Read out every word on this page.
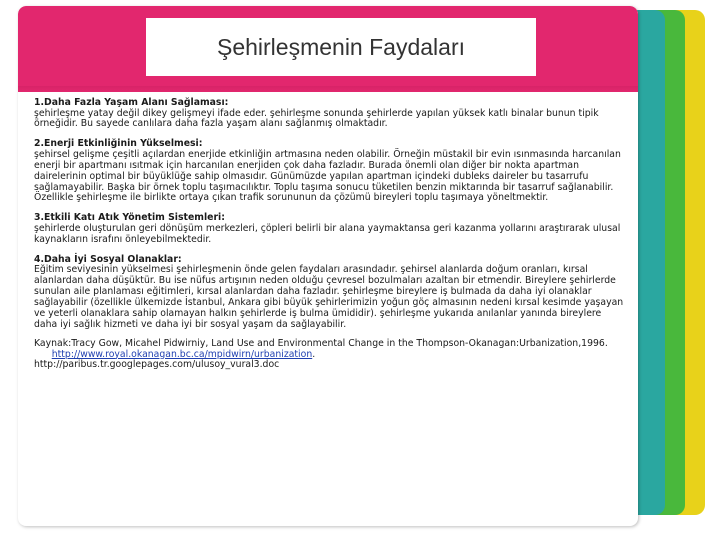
Şehirleşmenin Faydaları
1.Daha Fazla Yaşam Alanı Sağlaması:

şehirleşme yatay değil dikey gelişmeyi ifade eder. şehirleşme sonunda şehirlerde yapılan yüksek katlı binalar bunun tipik örneğidir. Bu sayede canlılara daha fazla yaşam alanı sağlanmış olmaktadır.

2.Enerji Etkinliğinin Yükselmesi:

şehirsel gelişme çeşitli açılardan enerjide etkinliğin artmasına neden olabilir. Örneğin müstakil bir evin ısınmasında harcanılan enerji bir apartmanı ısıtmak için harcanılan enerjiden çok daha fazladır. Burada önemli olan diğer bir nokta apartman dairelerinin optimal bir büyüklüğe sahip olmasıdır. Günümüzde yapılan apartman içindeki dubleks daireler bu tasarrufu sağlamayabilir. Başka bir örnek toplu taşımacılıktır. Toplu taşıma sonucu tüketilen benzin miktarında bir tasarruf sağlanabilir. Özellikle şehirleşme ile birlikte ortaya çıkan trafik sorununun da çözümü bireyleri toplu taşımaya yöneltmektir.

3.Etkili Katı Atık Yönetim Sistemleri:

şehirlerde oluşturulan geri dönüşüm merkezleri, çöpleri belirli bir alana yaymaktansa geri kazanma yollarını araştırarak ulusal kaynakların israfını önleyebilmektedir.

4.Daha İyi Sosyal Olanaklar:

Eğitim seviyesinin yükselmesi şehirleşmenin önde gelen faydaları arasındadır. şehirsel alanlarda doğum oranları, kırsal alanlardan daha düşüktür. Bu ise nüfus artışının neden olduğu çevresel bozulmaları azaltan bir etmendir. Bireylere şehirlerde sunulan aile planlaması eğitimleri, kırsal alanlardan daha fazladır. şehirleşme bireylere iş bulmada da daha iyi olanaklar sağlayabilir (özellikle ülkemizde İstanbul, Ankara gibi büyük şehirlerimizin yoğun göç almasının nedeni kırsal kesimde yaşayan ve yeterli olanaklara sahip olamayan halkın şehirlerde iş bulma ümididir). şehirleşme yukarıda anılanlar yanında bireylere daha iyi sağlık hizmeti ve daha iyi bir sosyal yaşam da sağlayabilir.

Kaynak:Tracy Gow, Micahel Pidwirniy, Land Use and Environmental Change in the Thompson-Okanagan:Urbanization,1996.

http://www.royal.okanagan.bc.ca/mpidwirn/urbanization.

http://paribus.tr.googlepages.com/ulusoy_vural3.doc
